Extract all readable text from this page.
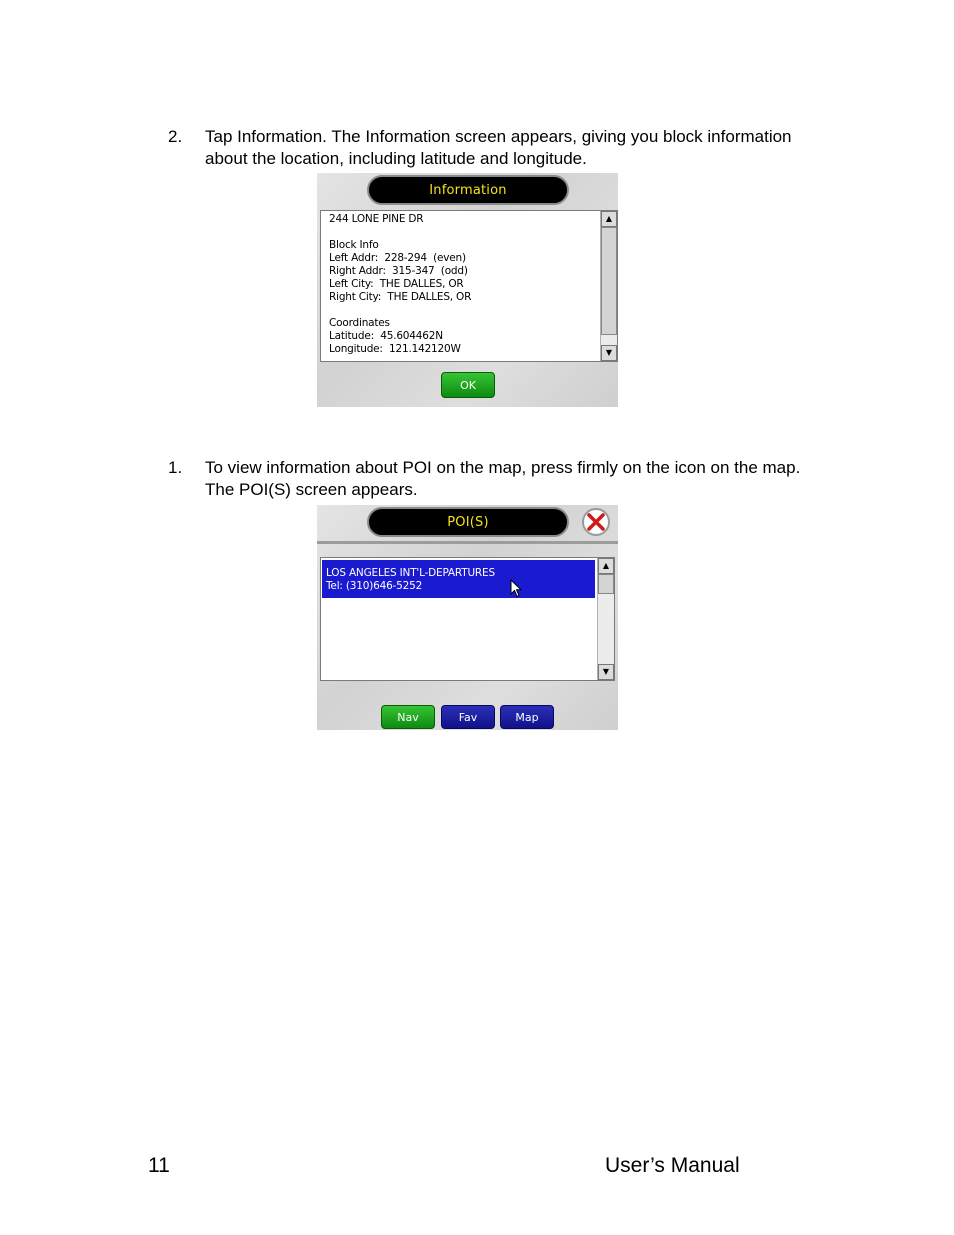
2. Tap Information. The Information screen appears, giving you block information about the location, including latitude and longitude.
Information
244 LONE PINE DR
Block Info
Left Addr:  228-294  (even)
Right Addr:  315-347  (odd)
Left City:  THE DALLES, OR
Right City:  THE DALLES, OR
Coordinates
Latitude:  45.604462N
Longitude:  121.142120W
▲
▼
OK
1. To view information about POI on the map, press firmly on the icon on the map. The POI(S) screen appears.
POI(S)
LOS ANGELES INT'L-DEPARTURES
Tel: (310)646-5252
▲
▼
Nav	Fav	Map
11	User’s Manual
